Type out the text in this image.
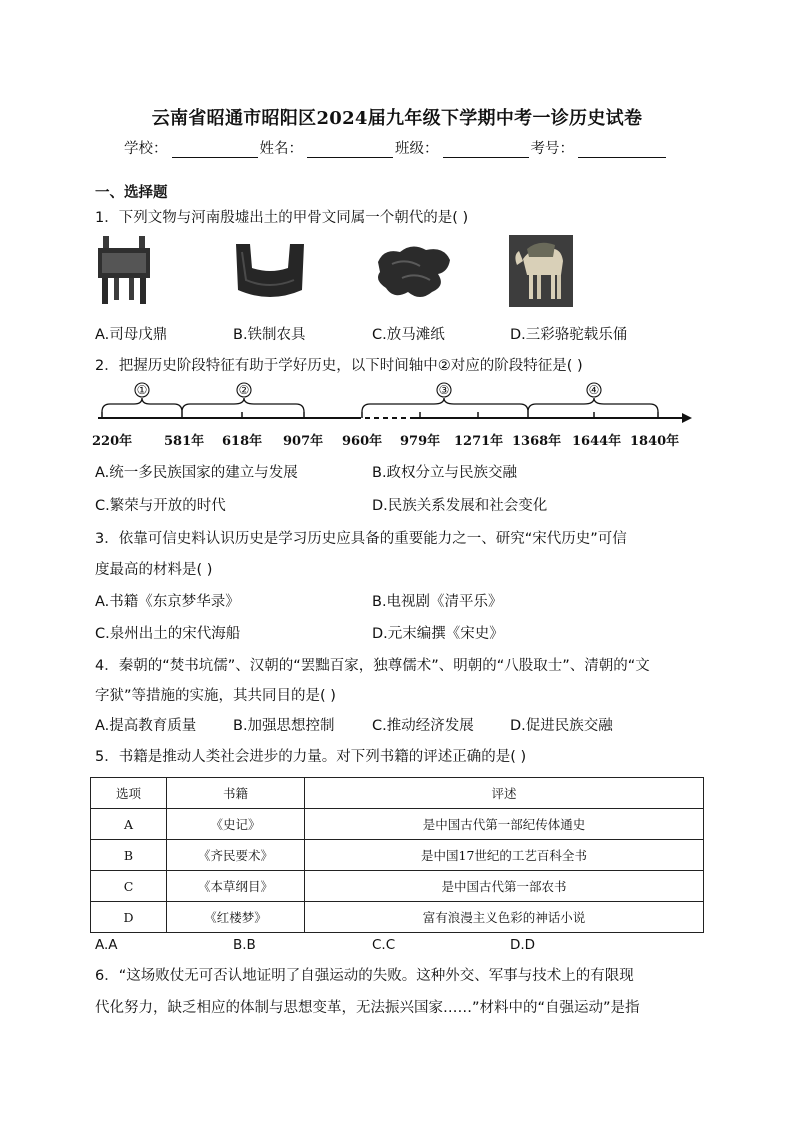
云南省昭通市昭阳区2024届九年级下学期中考一诊历史试卷
学校：	姓名：	班级：	考号：
一、选择题
1．下列文物与河南殷墟出土的甲骨文同属一个朝代的是( )
A.司母戊鼎	B.铁制农具	C.放马滩纸	D.三彩骆驼载乐俑
2．把握历史阶段特征有助于学好历史，以下时间轴中②对应的阶段特征是( )
①	②	③	④
220年 581年 618年 907年 960年 979年 1271年 1368年 1644年 1840年
A.统一多民族国家的建立与发展	B.政权分立与民族交融
C.繁荣与开放的时代	D.民族关系发展和社会变化
3．依靠可信史料认识历史是学习历史应具备的重要能力之一、研究“宋代历史”可信
度最高的材料是( )
A.书籍《东京梦华录》	B.电视剧《清平乐》
C.泉州出土的宋代海船	D.元末编撰《宋史》
4．秦朝的“焚书坑儒”、汉朝的“罢黜百家，独尊儒术”、明朝的“八股取士”、清朝的“文
字狱”等措施的实施，其共同目的是( )
A.提高教育质量	B.加强思想控制	C.推动经济发展	D.促进民族交融
5．书籍是推动人类社会进步的力量。对下列书籍的评述正确的是( )
选项	书籍	评述
A	《史记》	是中国古代第一部纪传体通史
B	《齐民要术》	是中国17世纪的工艺百科全书
C	《本草纲目》	是中国古代第一部农书
D	《红楼梦》	富有浪漫主义色彩的神话小说
A.A	B.B	C.C	D.D
6．“这场败仗无可否认地证明了自强运动的失败。这种外交、军事与技术上的有限现
代化努力，缺乏相应的体制与思想变革，无法振兴国家……”材料中的“自强运动”是指
